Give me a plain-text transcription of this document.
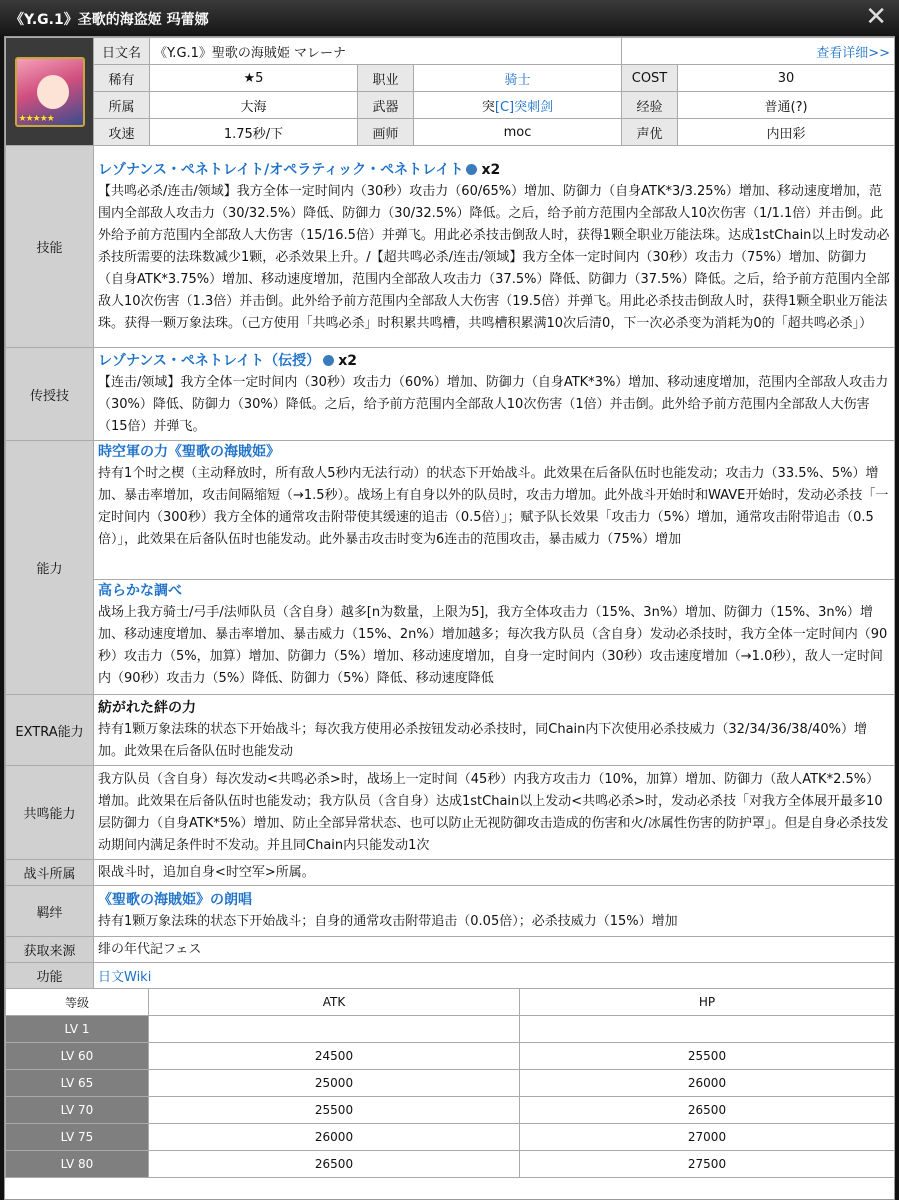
《Y.G.1》圣歌的海盗姬 玛蕾娜	✕
★★★★★	日文名	《Y.G.1》聖歌の海賊姫 マレーナ			查看详细>>	
	稀有	★5	职业	骑士	COST	30
	所属	大海	武器	突[C]突刺剑	经验	普通(?)
	攻速	1.75秒/下	画师	moc	声优	内田彩
技能	レゾナンス・ペネトレイト/オペラティック・ペネトレイト x2
【共鸣必杀/连击/领域】我方全体一定时间内（30秒）攻击力（60/65%）增加、防御力（自身ATK*3/3.25%）增加、移动速度增加，范围内全部敌人攻击力（30/32.5%）降低、防御力（30/32.5%）降低。之后，给予前方范围内全部敌人10次伤害（1/1.1倍）并击倒。此外给予前方范围内全部敌人大伤害（15/16.5倍）并弹飞。用此必杀技击倒敌人时，获得1颗全职业万能法珠。达成1stChain以上时发动必杀技所需要的法珠数减少1颗，必杀效果上升。/【超共鸣必杀/连击/领域】我方全体一定时间内（30秒）攻击力（75%）增加、防御力（自身ATK*3.75%）增加、移动速度增加，范围内全部敌人攻击力（37.5%）降低、防御力（37.5%）降低。之后，给予前方范围内全部敌人10次伤害（1.3倍）并击倒。此外给予前方范围内全部敌人大伤害（19.5倍）并弹飞。用此必杀技击倒敌人时，获得1颗全职业万能法珠。获得一颗万象法珠。（己方使用「共鸣必杀」时积累共鸣槽，共鸣槽积累满10次后清0，下一次必杀变为消耗为0的「超共鸣必杀」）

传授技	レゾナンス・ペネトレイト（伝授） x2
【连击/领域】我方全体一定时间内（30秒）攻击力（60%）增加、防御力（自身ATK*3%）增加、移动速度增加，范围内全部敌人攻击力（30%）降低、防御力（30%）降低。之后，给予前方范围内全部敌人10次伤害（1倍）并击倒。此外给予前方范围内全部敌人大伤害（15倍）并弹飞。

能力	時空軍の力《聖歌の海賊姫》
持有1个时之楔（主动释放时，所有敌人5秒内无法行动）的状态下开始战斗。此效果在后备队伍时也能发动；攻击力（33.5%、5%）增加、暴击率增加，攻击间隔缩短（→1.5秒）。战场上有自身以外的队员时，攻击力增加。此外战斗开始时和WAVE开始时，发动必杀技「一定时间内（300秒）我方全体的通常攻击附带使其缓速的追击（0.5倍）」；赋予队长效果「攻击力（5%）增加，通常攻击附带追击（0.5倍）」，此效果在后备队伍时也能发动。此外暴击攻击时变为6连击的范围攻击，暴击威力（75%）增加
高らかな調べ
战场上我方骑士/弓手/法师队员（含自身）越多[n为数量，上限为5]，我方全体攻击力（15%、3n%）增加、防御力（15%、3n%）增加、移动速度增加、暴击率增加、暴击威力（15%、2n%）增加越多；每次我方队员（含自身）发动必杀技时，我方全体一定时间内（90秒）攻击力（5%，加算）增加、防御力（5%）增加、移动速度增加，自身一定时间内（30秒）攻击速度增加（→1.0秒），敌人一定时间内（90秒）攻击力（5%）降低、防御力（5%）降低、移动速度降低

EXTRA能力	紡がれた絆の力
持有1颗万象法珠的状态下开始战斗；每次我方使用必杀按钮发动必杀技时，同Chain内下次使用必杀技威力（32/34/36/38/40%）增加。此效果在后备队伍时也能发动

共鸣能力	我方队员（含自身）每次发动<共鸣必杀>时，战场上一定时间（45秒）内我方攻击力（10%，加算）增加、防御力（敌人ATK*2.5%）增加。此效果在后备队伍时也能发动；我方队员（含自身）达成1stChain以上发动<共鸣必杀>时，发动必杀技「对我方全体展开最多10层防御力（自身ATK*5%）增加、防止全部异常状态、也可以防止无视防御攻击造成的伤害和火/冰属性伤害的防护罩」。但是自身必杀技发动期间内满足条件时不发动。并且同Chain内只能发动1次

战斗所属	限战斗时，追加自身<时空军>所属。
羁绊	《聖歌の海賊姫》の朗唱
持有1颗万象法珠的状态下开始战斗；自身的通常攻击附带追击（0.05倍）；必杀技威力（15%）增加

获取来源	绯の年代記フェス
功能	日文Wiki
等级	ATK	HP
LV 1		
LV 60	24500	25500
LV 65	25000	26000
LV 70	25500	26500
LV 75	26000	27000
LV 80	26500	27500
